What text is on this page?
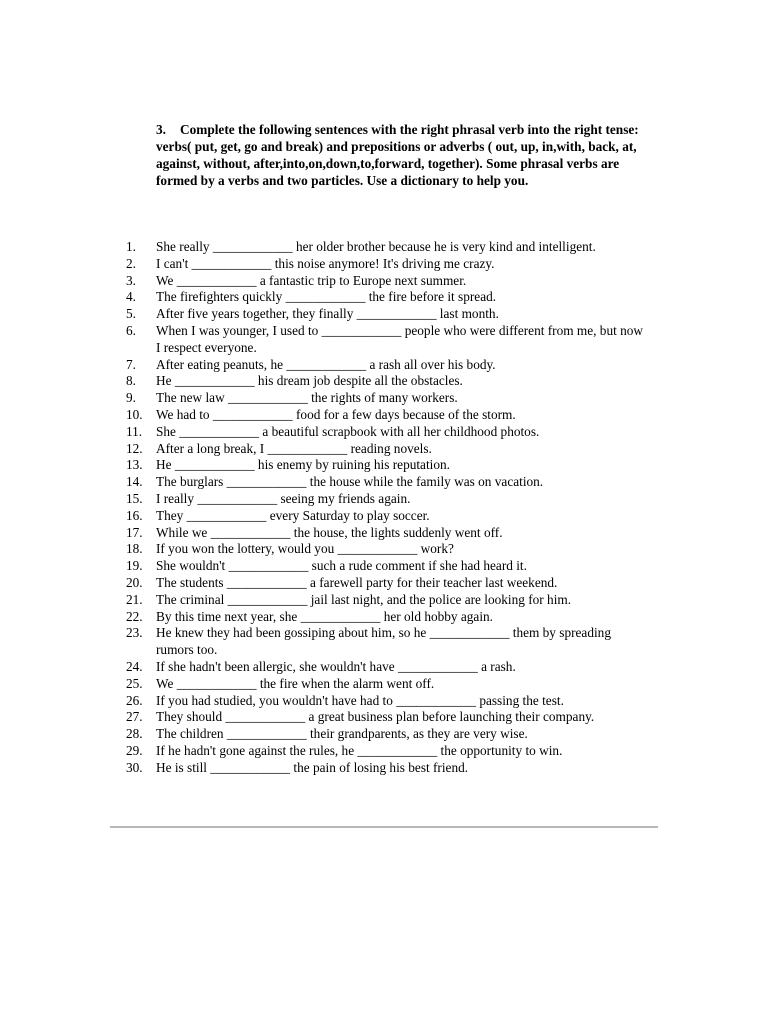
3. Complete the following sentences with the right phrasal verb into the right tense: verbs( put, get, go and break) and prepositions or adverbs ( out, up, in,with, back, at, against, without, after,into,on,down,to,forward, together). Some phrasal verbs are formed by a verbs and two particles. Use a dictionary to help you.
1.	She really ____________ her older brother because he is very kind and intelligent.
2.	I can't ____________ this noise anymore! It's driving me crazy.
3.	We ____________ a fantastic trip to Europe next summer.
4.	The firefighters quickly ____________ the fire before it spread.
5.	After five years together, they finally ____________ last month.
6.	When I was younger, I used to ____________ people who were different from me, but now I respect everyone.
7.	After eating peanuts, he ____________ a rash all over his body.
8.	He ____________ his dream job despite all the obstacles.
9.	The new law ____________ the rights of many workers.
10.	We had to ____________ food for a few days because of the storm.
11.	She ____________ a beautiful scrapbook with all her childhood photos.
12.	After a long break, I ____________ reading novels.
13.	He ____________ his enemy by ruining his reputation.
14.	The burglars ____________ the house while the family was on vacation.
15.	I really ____________ seeing my friends again.
16.	They ____________ every Saturday to play soccer.
17.	While we ____________ the house, the lights suddenly went off.
18.	If you won the lottery, would you ____________ work?
19.	She wouldn't ____________ such a rude comment if she had heard it.
20.	The students ____________ a farewell party for their teacher last weekend.
21.	The criminal ____________ jail last night, and the police are looking for him.
22.	By this time next year, she ____________ her old hobby again.
23.	He knew they had been gossiping about him, so he ____________ them by spreading rumors too.
24.	If she hadn't been allergic, she wouldn't have ____________ a rash.
25.	We ____________ the fire when the alarm went off.
26.	If you had studied, you wouldn't have had to ____________ passing the test.
27.	They should ____________ a great business plan before launching their company.
28.	The children ____________ their grandparents, as they are very wise.
29.	If he hadn't gone against the rules, he ____________ the opportunity to win.
30.	He is still ____________ the pain of losing his best friend.
